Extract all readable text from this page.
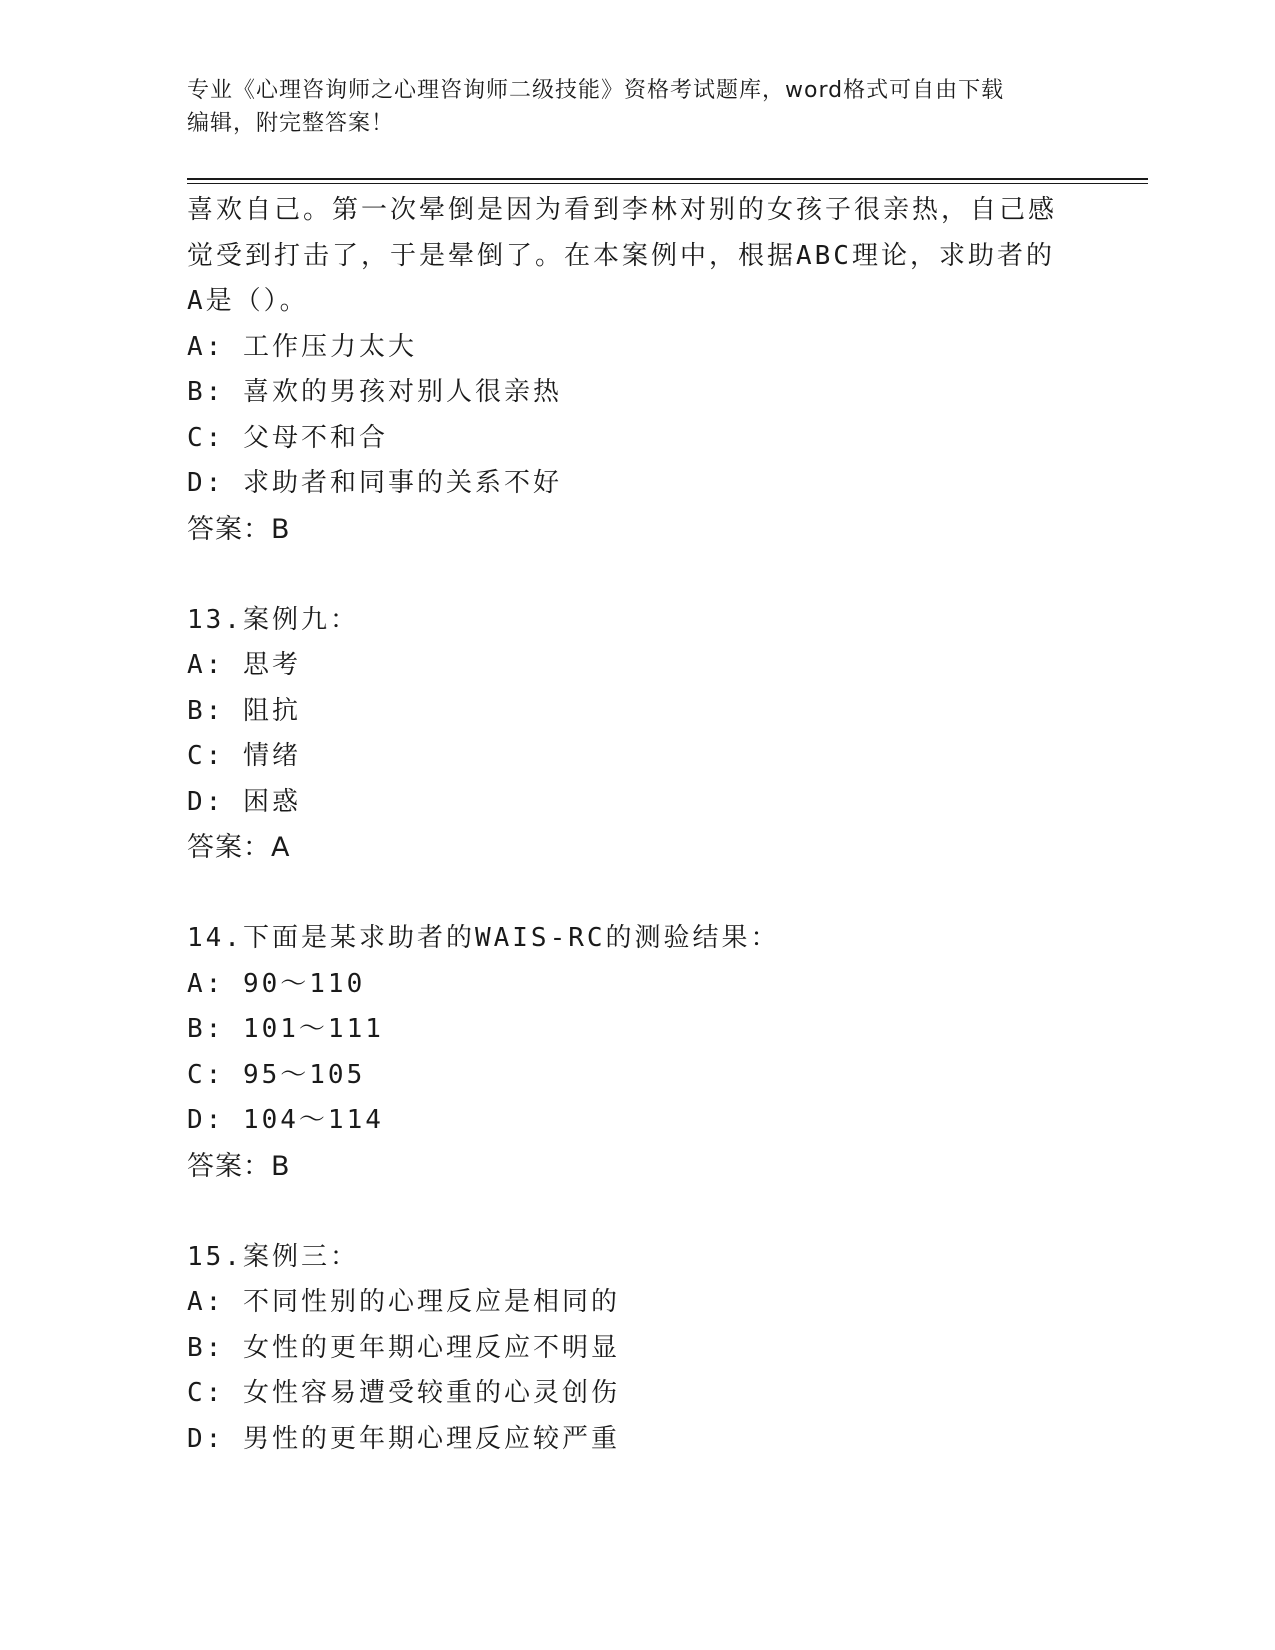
专业《心理咨询师之心理咨询师二级技能》资格考试题库，word格式可自由下载
编辑，附完整答案！
喜欢自己。第一次晕倒是因为看到李林对别的女孩子很亲热，自己感
觉受到打击了，于是晕倒了。在本案例中，根据ABC理论，求助者的
A是（）。
A: 工作压力太大
B: 喜欢的男孩对别人很亲热
C: 父母不和合
D: 求助者和同事的关系不好
答案：B
13.案例九：
A: 思考
B: 阻抗
C: 情绪
D: 困惑
答案：A
14.下面是某求助者的WAIS-RC的测验结果：
A: 90～110
B: 101～111
C: 95～105
D: 104～114
答案：B
15.案例三：
A: 不同性别的心理反应是相同的
B: 女性的更年期心理反应不明显
C: 女性容易遭受较重的心灵创伤
D: 男性的更年期心理反应较严重
